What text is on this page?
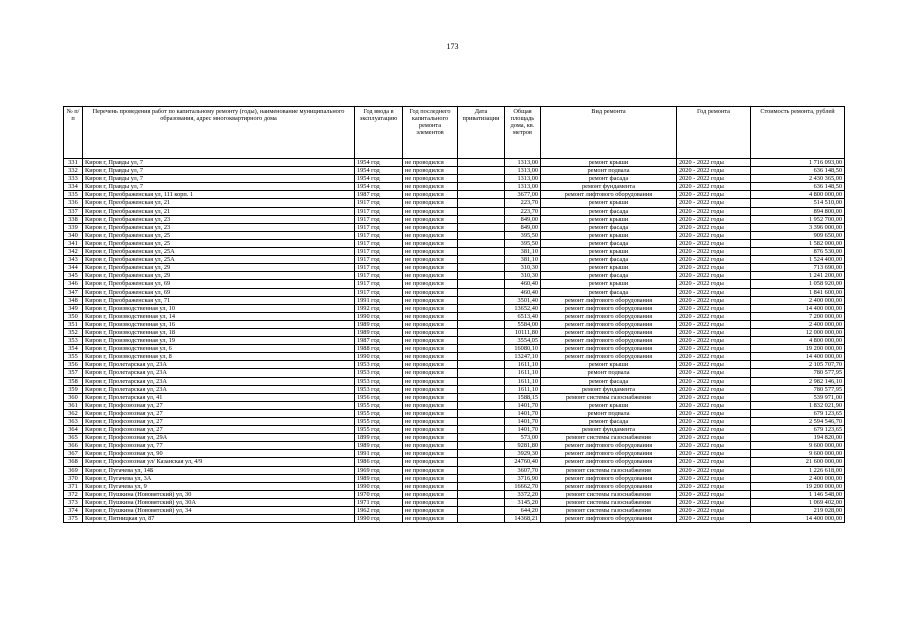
173
№ п/п	Перечень проведения работ по капитальному ремонту (годы), наименование муниципального образования, адрес многоквартирного дома	Год ввода в эксплуатацию	Год последнего капитального ремонта элементов	Дата приватизации	Общая площадь дома, кв. метров	Вид ремонта	Год ремонта	Стоимость ремонта, рублей
331	Киров г, Правды ул, 7	1954 год	не проводился		1313,00	ремонт крыши	2020 - 2022 годы	1 716 093,00
332	Киров г, Правды ул, 7	1954 год	не проводился		1313,00	ремонт подвала	2020 - 2022 годы	636 148,50
333	Киров г, Правды ул, 7	1954 год	не проводился		1313,00	ремонт фасада	2020 - 2022 годы	2 430 365,00
334	Киров г, Правды ул, 7	1954 год	не проводился		1313,00	ремонт фундамента	2020 - 2022 годы	636 148,50
335	Киров г, Преображенская ул, 111 корп. 1	1987 год	не проводился		3677,00	ремонт лифтового оборудования	2020 - 2022 годы	4 800 000,00
336	Киров г, Преображенская ул, 21	1917 год	не проводился		223,70	ремонт крыши	2020 - 2022 годы	514 510,00
337	Киров г, Преображенская ул, 21	1917 год	не проводился		223,70	ремонт фасада	2020 - 2022 годы	894 800,00
338	Киров г, Преображенская ул, 23	1917 год	не проводился		849,00	ремонт крыши	2020 - 2022 годы	1 952 700,00
339	Киров г, Преображенская ул, 23	1917 год	не проводился		849,00	ремонт фасада	2020 - 2022 годы	3 396 000,00
340	Киров г, Преображенская ул, 25	1917 год	не проводился		395,50	ремонт крыши	2020 - 2022 годы	909 650,00
341	Киров г, Преображенская ул, 25	1917 год	не проводился		395,50	ремонт фасада	2020 - 2022 годы	1 582 000,00
342	Киров г, Преображенская ул, 25А	1917 год	не проводился		381,10	ремонт крыши	2020 - 2022 годы	876 530,00
343	Киров г, Преображенская ул, 25А	1917 год	не проводился		381,10	ремонт фасада	2020 - 2022 годы	1 524 400,00
344	Киров г, Преображенская ул, 29	1917 год	не проводился		310,30	ремонт крыши	2020 - 2022 годы	713 690,00
345	Киров г, Преображенская ул, 29	1917 год	не проводился		310,30	ремонт фасада	2020 - 2022 годы	1 241 200,00
346	Киров г, Преображенская ул, 69	1917 год	не проводился		460,40	ремонт крыши	2020 - 2022 годы	1 058 920,00
347	Киров г, Преображенская ул, 69	1917 год	не проводился		460,40	ремонт фасада	2020 - 2022 годы	1 841 600,00
348	Киров г, Преображенская ул, 71	1991 год	не проводился		3501,40	ремонт лифтового оборудования	2020 - 2022 годы	2 400 000,00
349	Киров г, Производственная ул, 10	1992 год	не проводился		13652,40	ремонт лифтового оборудования	2020 - 2022 годы	14 400 000,00
350	Киров г, Производственная ул, 14	1990 год	не проводился		6513,40	ремонт лифтового оборудования	2020 - 2022 годы	7 200 000,00
351	Киров г, Производственная ул, 16	1989 год	не проводился		5584,00	ремонт лифтового оборудования	2020 - 2022 годы	2 400 000,00
352	Киров г, Производственная ул, 18	1989 год	не проводился		10111,80	ремонт лифтового оборудования	2020 - 2022 годы	12 000 000,00
353	Киров г, Производственная ул, 19	1987 год	не проводился		3554,05	ремонт лифтового оборудования	2020 - 2022 годы	4 800 000,00
354	Киров г, Производственная ул, 6	1988 год	не проводился		16080,10	ремонт лифтового оборудования	2020 - 2022 годы	19 200 000,00
355	Киров г, Производственная ул, 8	1990 год	не проводился		13247,10	ремонт лифтового оборудования	2020 - 2022 годы	14 400 000,00
356	Киров г, Пролетарская ул, 23А	1953 год	не проводился		1611,10	ремонт крыши	2020 - 2022 годы	2 105 707,70
357	Киров г, Пролетарская ул, 23А	1953 год	не проводился		1611,10	ремонт подвала	2020 - 2022 годы	780 577,95
358	Киров г, Пролетарская ул, 23А	1953 год	не проводился		1611,10	ремонт фасада	2020 - 2022 годы	2 982 146,10
359	Киров г, Пролетарская ул, 23А	1953 год	не проводился		1611,10	ремонт фундамента	2020 - 2022 годы	780 577,95
360	Киров г, Пролетарская ул, 41	1956 год	не проводился		1588,15	ремонт системы газоснабжения	2020 - 2022 годы	539 971,00
361	Киров г, Профсоюзная ул, 27	1955 год	не проводился		1401,70	ремонт крыши	2020 - 2022 годы	1 832 021,90
362	Киров г, Профсоюзная ул, 27	1955 год	не проводился		1401,70	ремонт подвала	2020 - 2022 годы	679 123,65
363	Киров г, Профсоюзная ул, 27	1955 год	не проводился		1401,70	ремонт фасада	2020 - 2022 годы	2 594 546,70
364	Киров г, Профсоюзная ул, 27	1955 год	не проводился		1401,70	ремонт фундамента	2020 - 2022 годы	679 123,65
365	Киров г, Профсоюзная ул, 29А	1899 год	не проводился		573,00	ремонт системы газоснабжения	2020 - 2022 годы	194 820,00
366	Киров г, Профсоюзная ул, 77	1989 год	не проводился		9281,80	ремонт лифтового оборудования	2020 - 2022 годы	9 600 000,00
367	Киров г, Профсоюзная ул, 90	1991 год	не проводился		3929,30	ремонт лифтового оборудования	2020 - 2022 годы	9 600 000,00
368	Киров г, Профсоюзная ул/ Казанская ул, 4/9	1986 год	не проводился		24760,40	ремонт лифтового оборудования	2020 - 2022 годы	21 600 000,00
369	Киров г, Пугачева ул, 14Б	1969 год	не проводился		3607,70	ремонт системы газоснабжения	2020 - 2022 годы	1 226 618,00
370	Киров г, Пугачева ул, 3А	1989 год	не проводился		3716,90	ремонт лифтового оборудования	2020 - 2022 годы	2 400 000,00
371	Киров г, Пугачева ул, 9	1990 год	не проводился		16662,70	ремонт лифтового оборудования	2020 - 2022 годы	19 200 000,00
372	Киров г, Пушкина (Нововятский) ул, 30	1970 год	не проводился		3372,20	ремонт системы газоснабжения	2020 - 2022 годы	1 146 548,00
373	Киров г, Пушкина (Нововятский) ул, 30А	1971 год	не проводился		3145,20	ремонт системы газоснабжения	2020 - 2022 годы	1 069 402,00
374	Киров г, Пушкина (Нововятский) ул, 34	1962 год	не проводился		644,20	ремонт системы газоснабжения	2020 - 2022 годы	219 028,00
375	Киров г, Пятницкая ул, 87	1990 год	не проводился		14368,21	ремонт лифтового оборудования	2020 - 2022 годы	14 400 000,00
